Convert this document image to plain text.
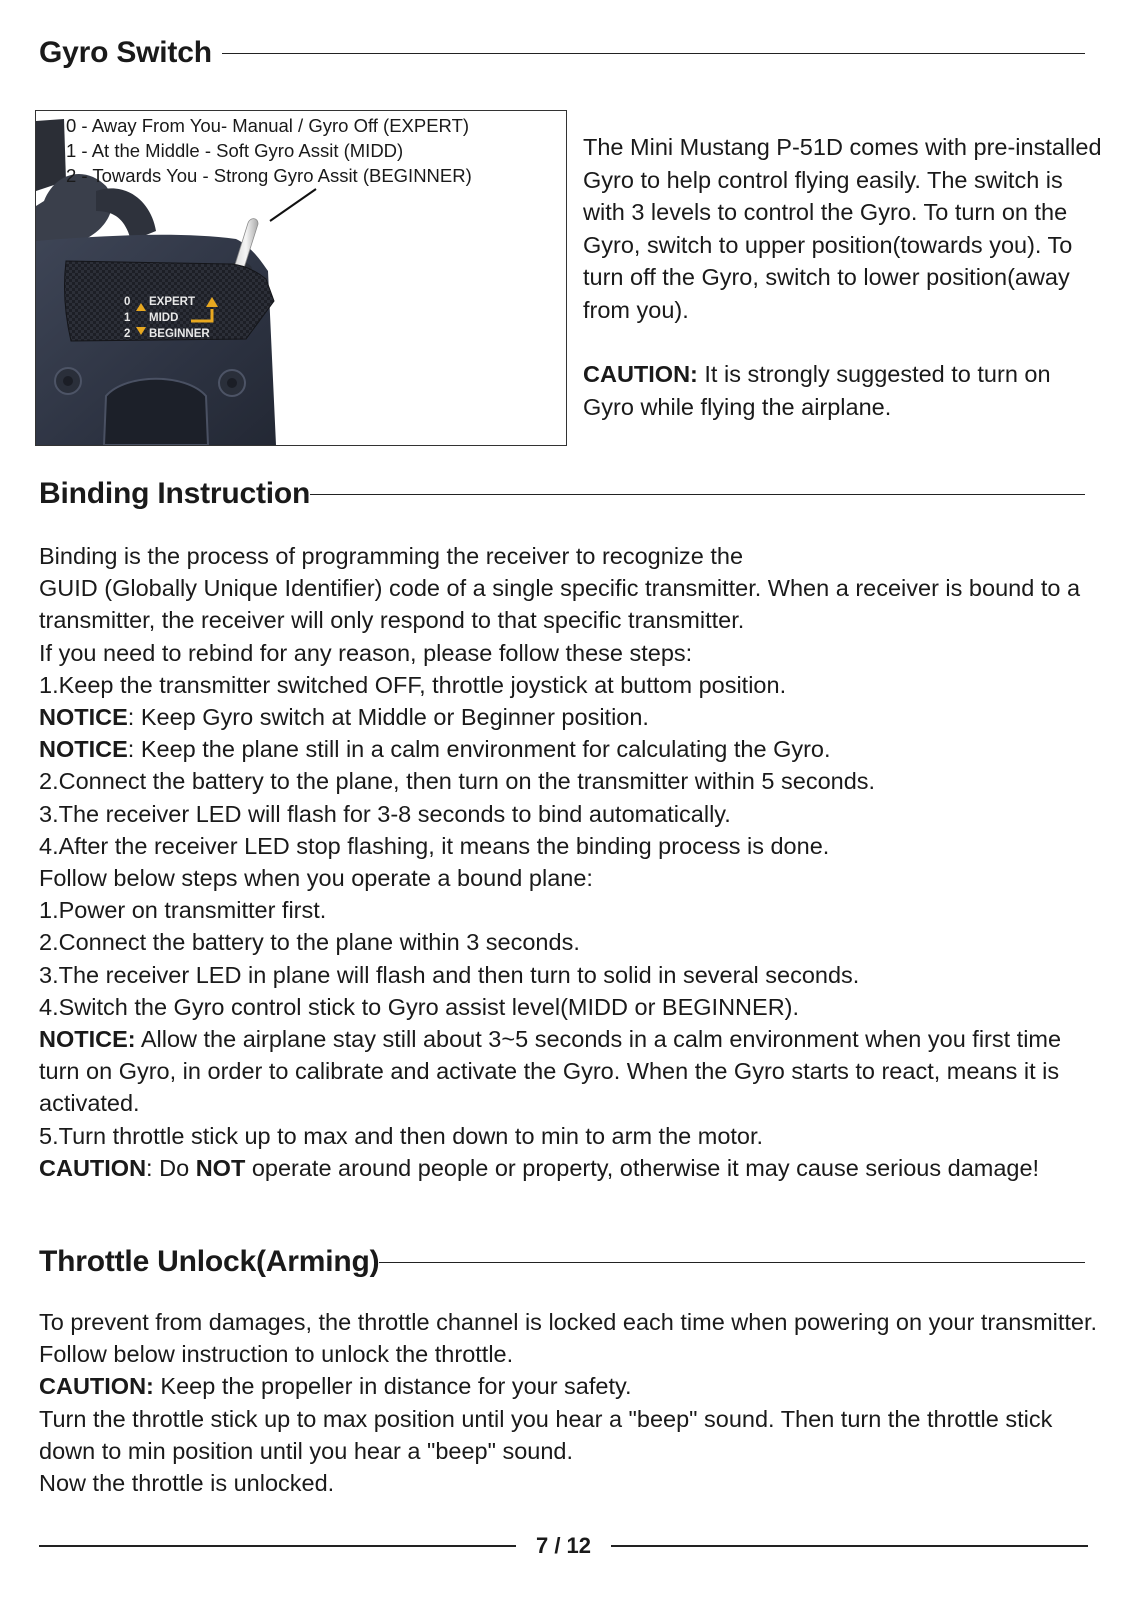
Gyro Switch
0 - Away From You- Manual / Gyro Off (EXPERT)
1 - At the Middle - Soft Gyro Assit (MIDD)
2 - Towards You - Strong Gyro Assit (BEGINNER)
0 EXPERT
1 MIDD
2 BEGINNER

The Mini Mustang P-51D comes with pre-installed Gyro to help control flying easily. The switch is with 3 levels to control the Gyro. To turn on the Gyro, switch to upper position(towards you). To turn off the Gyro, switch to lower position(away from you).

CAUTION: It is strongly suggested to turn on Gyro while flying the airplane.

Binding Instruction
Binding is the process of programming the receiver to recognize the
GUID (Globally Unique Identifier) code of a single specific transmitter. When a receiver is bound to a transmitter, the receiver will only respond to that specific transmitter.
If you need to rebind for any reason, please follow these steps:
1.Keep the transmitter switched OFF, throttle joystick at buttom position.
NOTICE: Keep Gyro switch at Middle or Beginner position.
NOTICE: Keep the plane still in a calm environment for calculating the Gyro.
2.Connect the battery to the plane, then turn on the transmitter within 5 seconds.
3.The receiver LED will flash for 3-8 seconds to bind automatically.
4.After the receiver LED stop flashing, it means the binding process is done.
Follow below steps when you operate a bound plane:
1.Power on transmitter first.
2.Connect the battery to the plane within 3 seconds.
3.The receiver LED in plane will flash and then turn to solid in several seconds.
4.Switch the Gyro control stick to Gyro assist level(MIDD or BEGINNER).
NOTICE: Allow the airplane stay still about 3~5 seconds in a calm environment when you first time turn on Gyro, in order to calibrate and activate the Gyro. When the Gyro starts to react, means it is activated.
5.Turn throttle stick up to max and then down to min to arm the motor.
CAUTION: Do NOT operate around people or property, otherwise it may cause serious damage!
Throttle Unlock(Arming)
To prevent from damages, the throttle channel is locked each time when powering on your transmitter. Follow below instruction to unlock the throttle.
CAUTION: Keep the propeller in distance for your safety.
Turn the throttle stick up to max position until you hear a "beep" sound. Then turn the throttle stick down to min position until you hear a "beep" sound.
Now the throttle is unlocked.
7 / 12
